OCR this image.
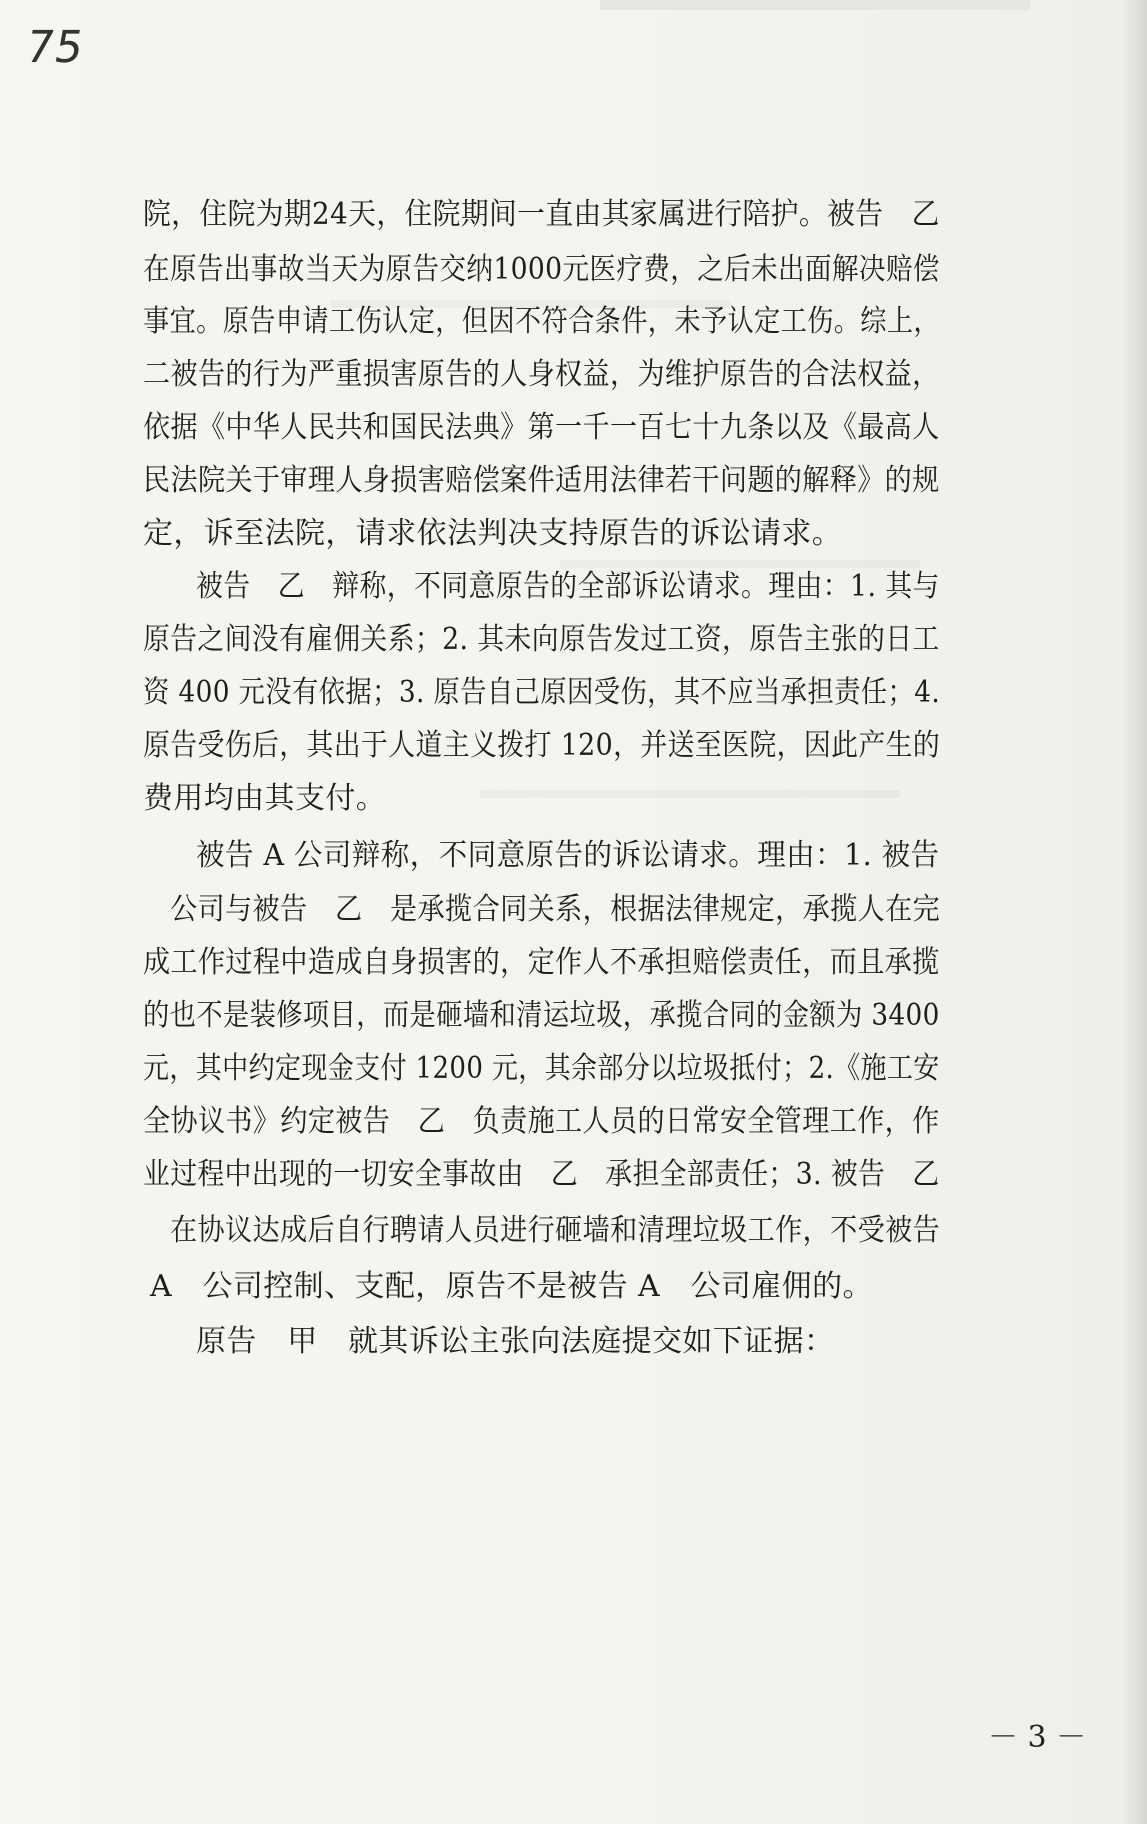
75
院，住院为期24天，住院期间一直由其家属进行陪护。被告　乙
在原告出事故当天为原告交纳1000元医疗费，之后未出面解决赔偿
事宜。原告申请工伤认定，但因不符合条件，未予认定工伤。综上，
二被告的行为严重损害原告的人身权益，为维护原告的合法权益，
依据《中华人民共和国民法典》第一千一百七十九条以及《最高人
民法院关于审理人身损害赔偿案件适用法律若干问题的解释》的规
定，诉至法院，请求依法判决支持原告的诉讼请求。
被告　乙　辩称，不同意原告的全部诉讼请求。理由：1. 其与
原告之间没有雇佣关系；2. 其未向原告发过工资，原告主张的日工
资 400 元没有依据；3. 原告自己原因受伤，其不应当承担责任；4.
原告受伤后，其出于人道主义拨打 120，并送至医院，因此产生的
费用均由其支付。
被告 A 公司辩称，不同意原告的诉讼请求。理由：1. 被告
公司与被告　乙　是承揽合同关系，根据法律规定，承揽人在完
成工作过程中造成自身损害的，定作人不承担赔偿责任，而且承揽
的也不是装修项目，而是砸墙和清运垃圾，承揽合同的金额为 3400
元，其中约定现金支付 1200 元，其余部分以垃圾抵付；2.《施工安
全协议书》约定被告　乙　负责施工人员的日常安全管理工作，作
业过程中出现的一切安全事故由　乙　承担全部责任；3. 被告　乙
在协议达成后自行聘请人员进行砸墙和清理垃圾工作，不受被告
A　公司控制、支配，原告不是被告 A　公司雇佣的。
原告　甲　就其诉讼主张向法庭提交如下证据：
－ 3 －
